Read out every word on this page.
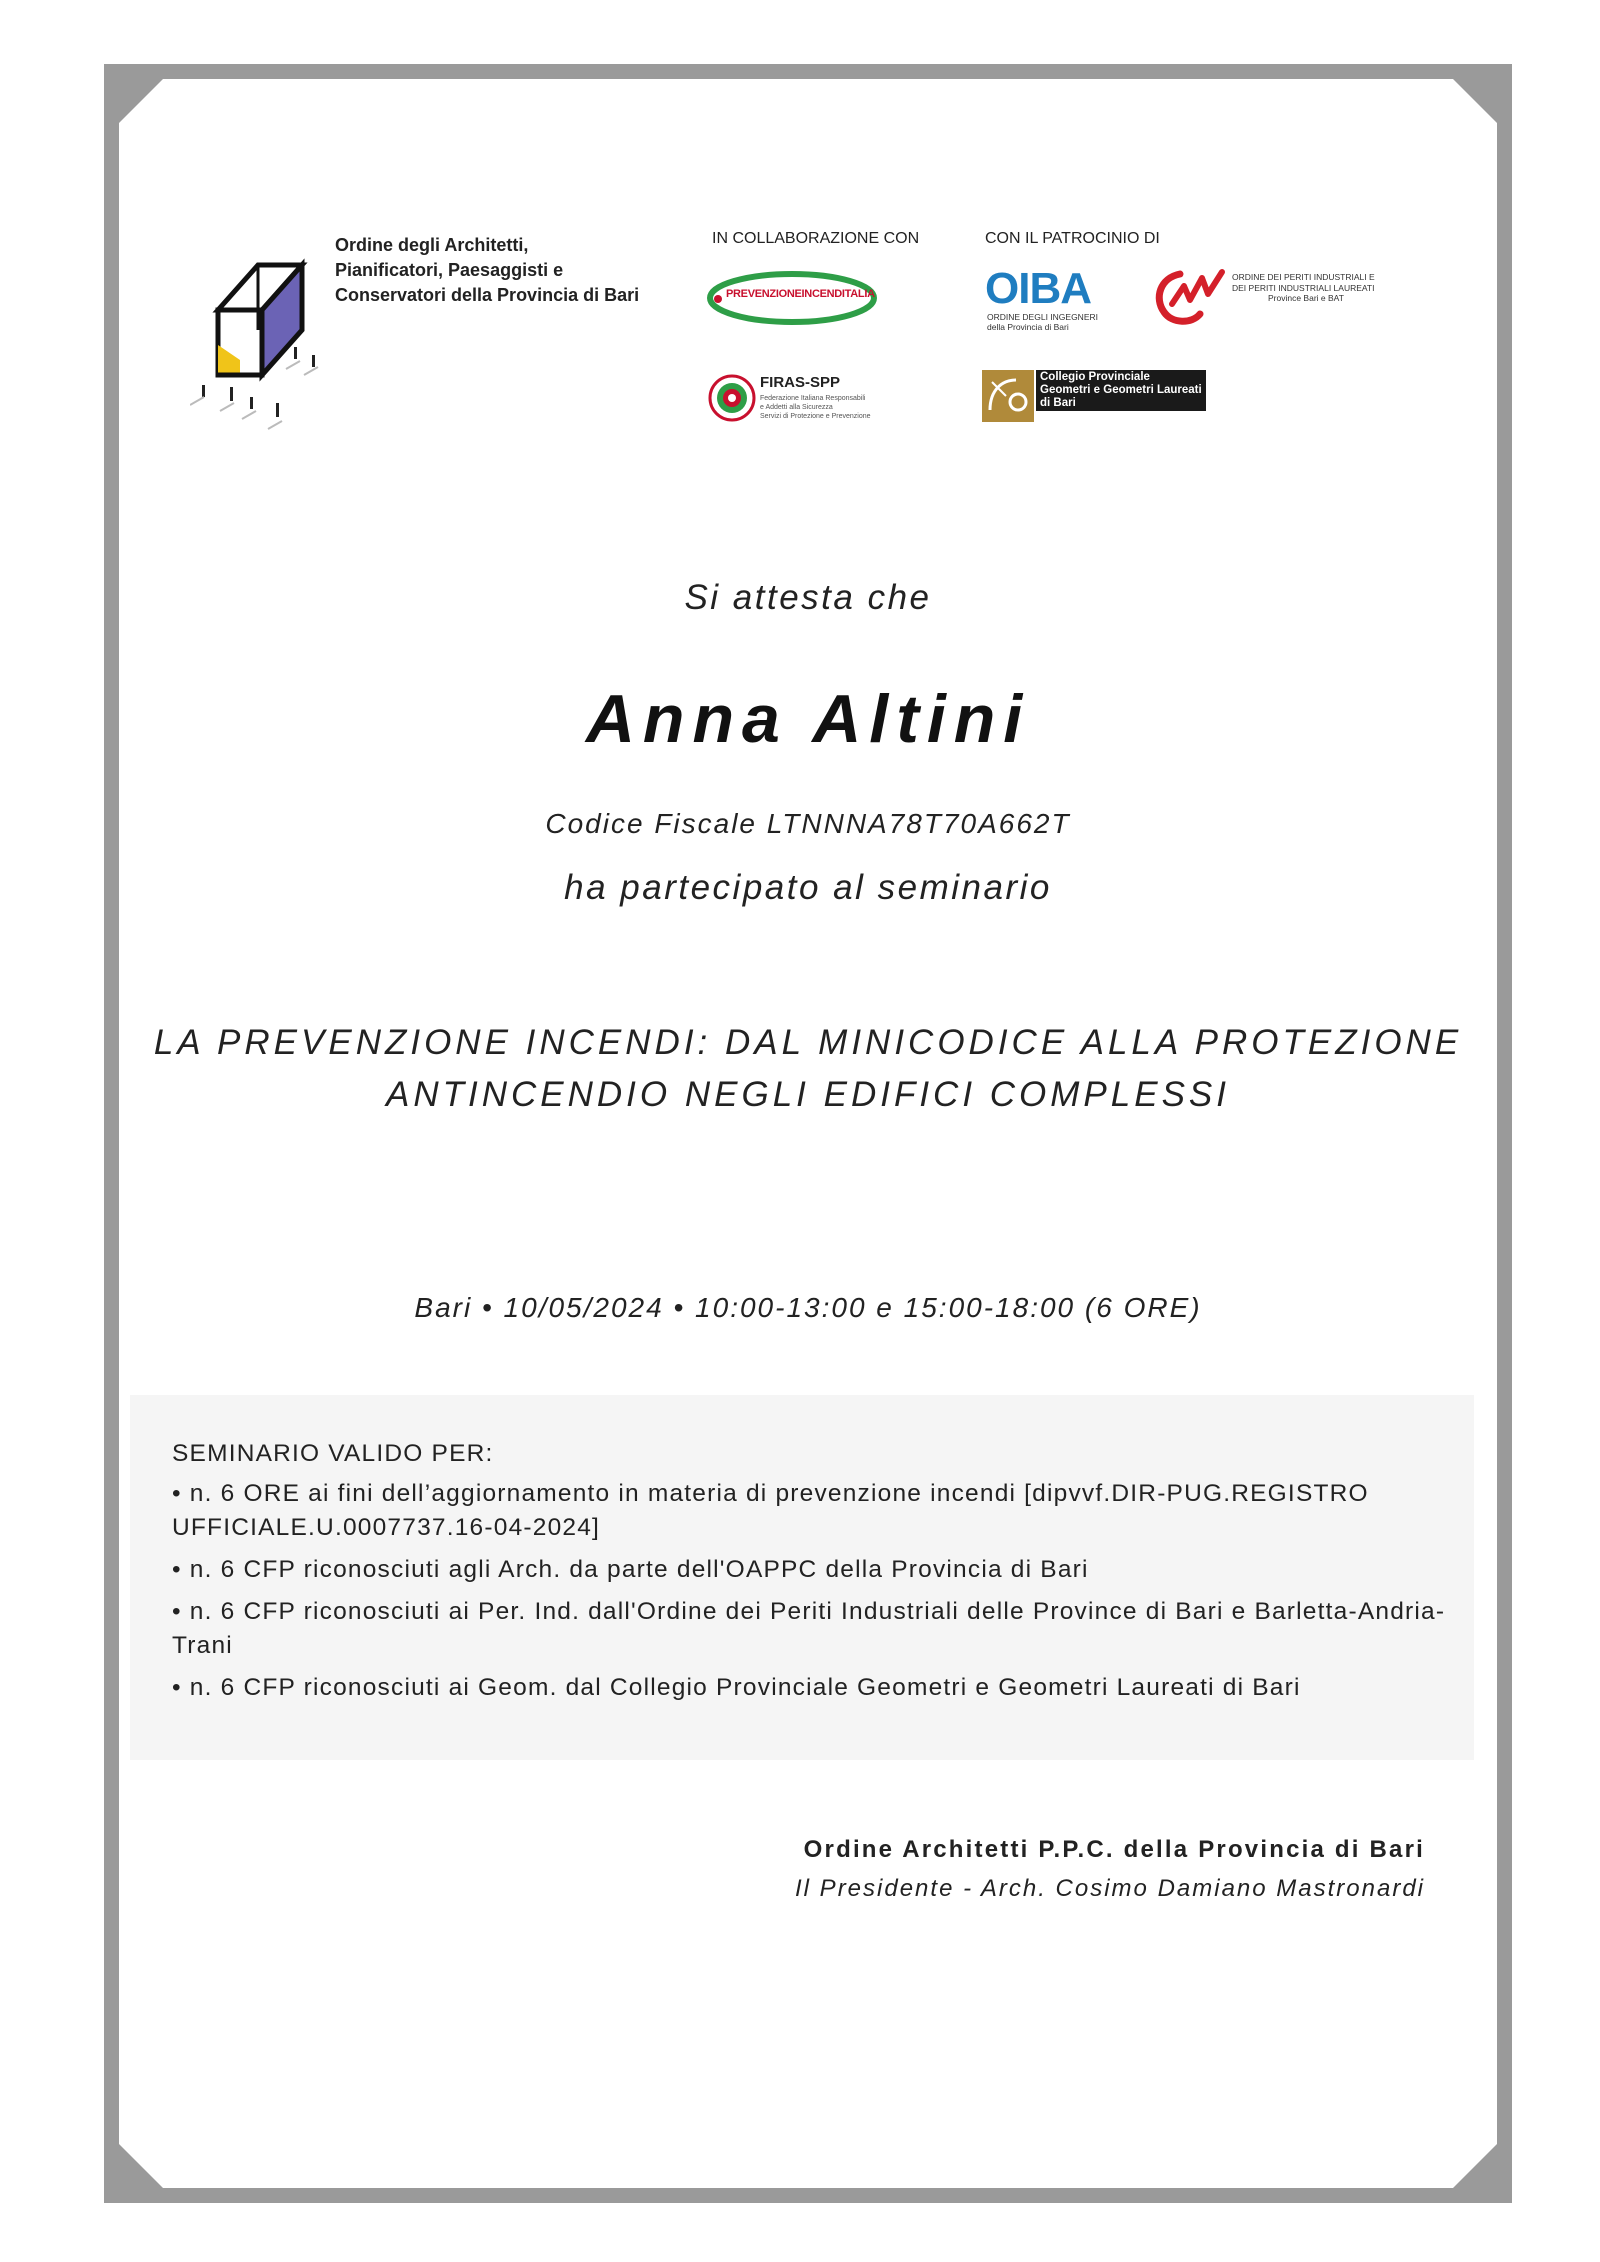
Ordine degli Architetti,
Pianificatori, Paesaggisti e
Conservatori della Provincia di Bari
IN COLLABORAZIONE CON	CON IL PATROCINIO DI
PREVENZIONEINCENDITALIA
FIRAS-SPP
Federazione Italiana Responsabili
e Addetti alla Sicurezza
Servizi di Protezione e Prevenzione
OIBA
ORDINE DEGLI INGEGNERI
della Provincia di Bari
ORDINE DEI PERITI INDUSTRIALI E
DEI PERITI INDUSTRIALI LAUREATI
Province Bari e BAT
Collegio Provinciale
Geometri e Geometri Laureati
di Bari
Si attesta che
Anna Altini
Codice Fiscale LTNNNA78T70A662T
ha partecipato al seminario
LA PREVENZIONE INCENDI: DAL MINICODICE ALLA PROTEZIONE
ANTINCENDIO NEGLI EDIFICI COMPLESSI
Bari • 10/05/2024 • 10:00-13:00 e 15:00-18:00 (6 ORE)
SEMINARIO VALIDO PER:
• n. 6 ORE ai fini dell’aggiornamento in materia di prevenzione incendi [dipvvf.DIR-PUG.REGISTRO UFFICIALE.U.0007737.16-04-2024]
• n. 6 CFP riconosciuti agli Arch. da parte dell'OAPPC della Provincia di Bari
• n. 6 CFP riconosciuti ai Per. Ind. dall'Ordine dei Periti Industriali delle Province di Bari e Barletta-Andria-Trani
• n. 6 CFP riconosciuti ai Geom. dal Collegio Provinciale Geometri e Geometri Laureati di Bari
Ordine Architetti P.P.C. della Provincia di Bari
Il Presidente - Arch. Cosimo Damiano Mastronardi
